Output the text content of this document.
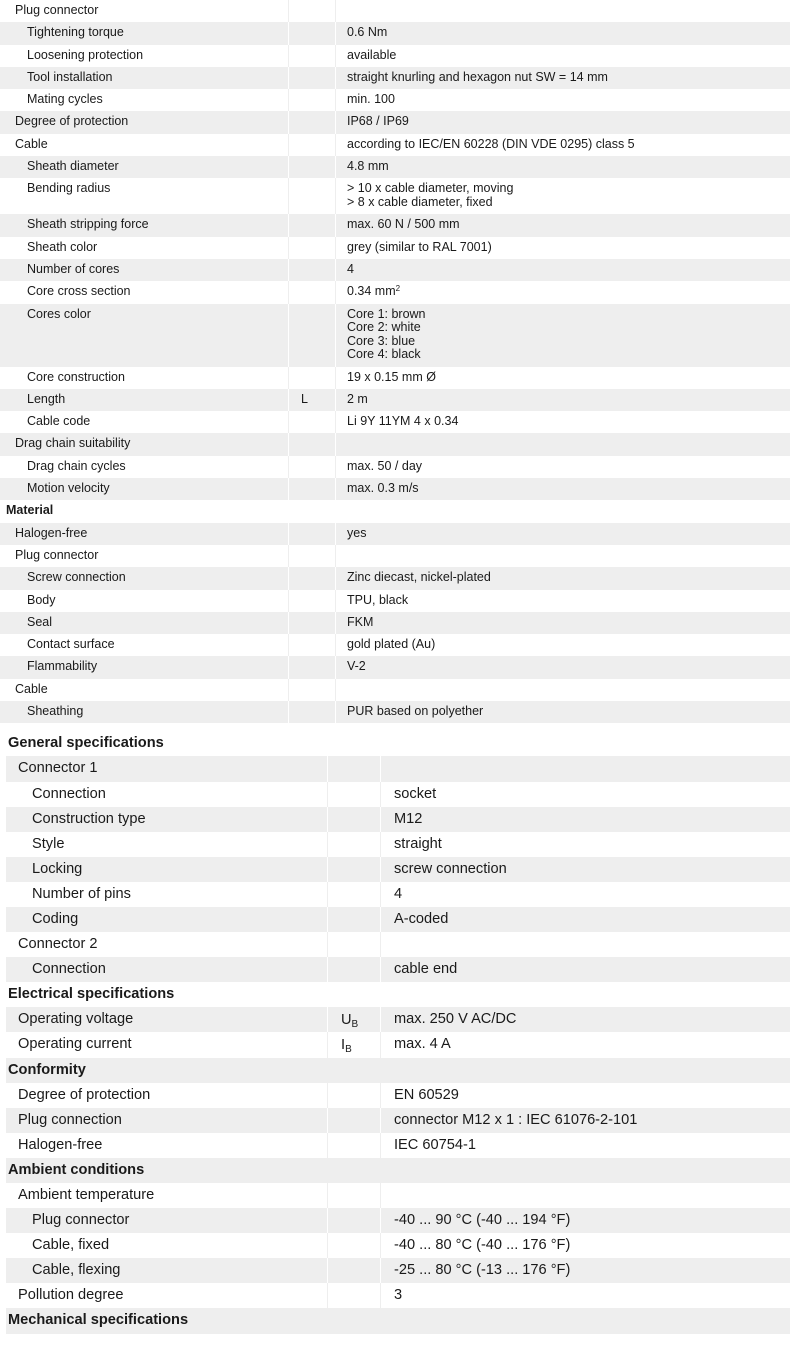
Plug connector
Tightening torque	0.6 Nm
Loosening protection	available
Tool installation	straight knurling and hexagon nut SW = 14 mm
Mating cycles	min. 100
Degree of protection	IP68 / IP69
Cable	according to IEC/EN 60228 (DIN VDE 0295) class 5
Sheath diameter	4.8 mm
Bending radius	> 10 x cable diameter, moving
> 8 x cable diameter, fixed
Sheath stripping force	max. 60 N / 500 mm
Sheath color	grey (similar to RAL 7001)
Number of cores	4
Core cross section	0.34 $mm^2$
Cores color	Core 1: brown
Core 2: white
Core 3: blue
Core 4: black
Core construction	19 x 0.15 mm Ø
Length	L	2 m
Cable code	Li 9Y 11YM 4 x 0.34
Drag chain suitability
Drag chain cycles	max. 50 / day
Motion velocity	max. 0.3 m/s
Material
Halogen-free	yes
Plug connector
Screw connection	Zinc diecast, nickel-plated
Body	TPU, black
Seal	FKM
Contact surface	gold plated (Au)
Flammability	V-2
Cable
Sheathing	PUR based on polyether
General specifications
Connector 1
Connection	socket
Construction type	M12
Style	straight
Locking	screw connection
Number of pins	4
Coding	A-coded
Connector 2
Connection	cable end
Electrical specifications
Operating voltage	$U_B$	max. 250 V AC/DC
Operating current	$I_B$	max. 4 A
Conformity
Degree of protection	EN 60529
Plug connection	connector M12 x 1 : IEC 61076-2-101
Halogen-free	IEC 60754-1
Ambient conditions
Ambient temperature
Plug connector	-40 ... 90 °C (-40 ... 194 °F)
Cable, fixed	-40 ... 80 °C (-40 ... 176 °F)
Cable, flexing	-25 ... 80 °C (-13 ... 176 °F)
Pollution degree	3
Mechanical specifications
